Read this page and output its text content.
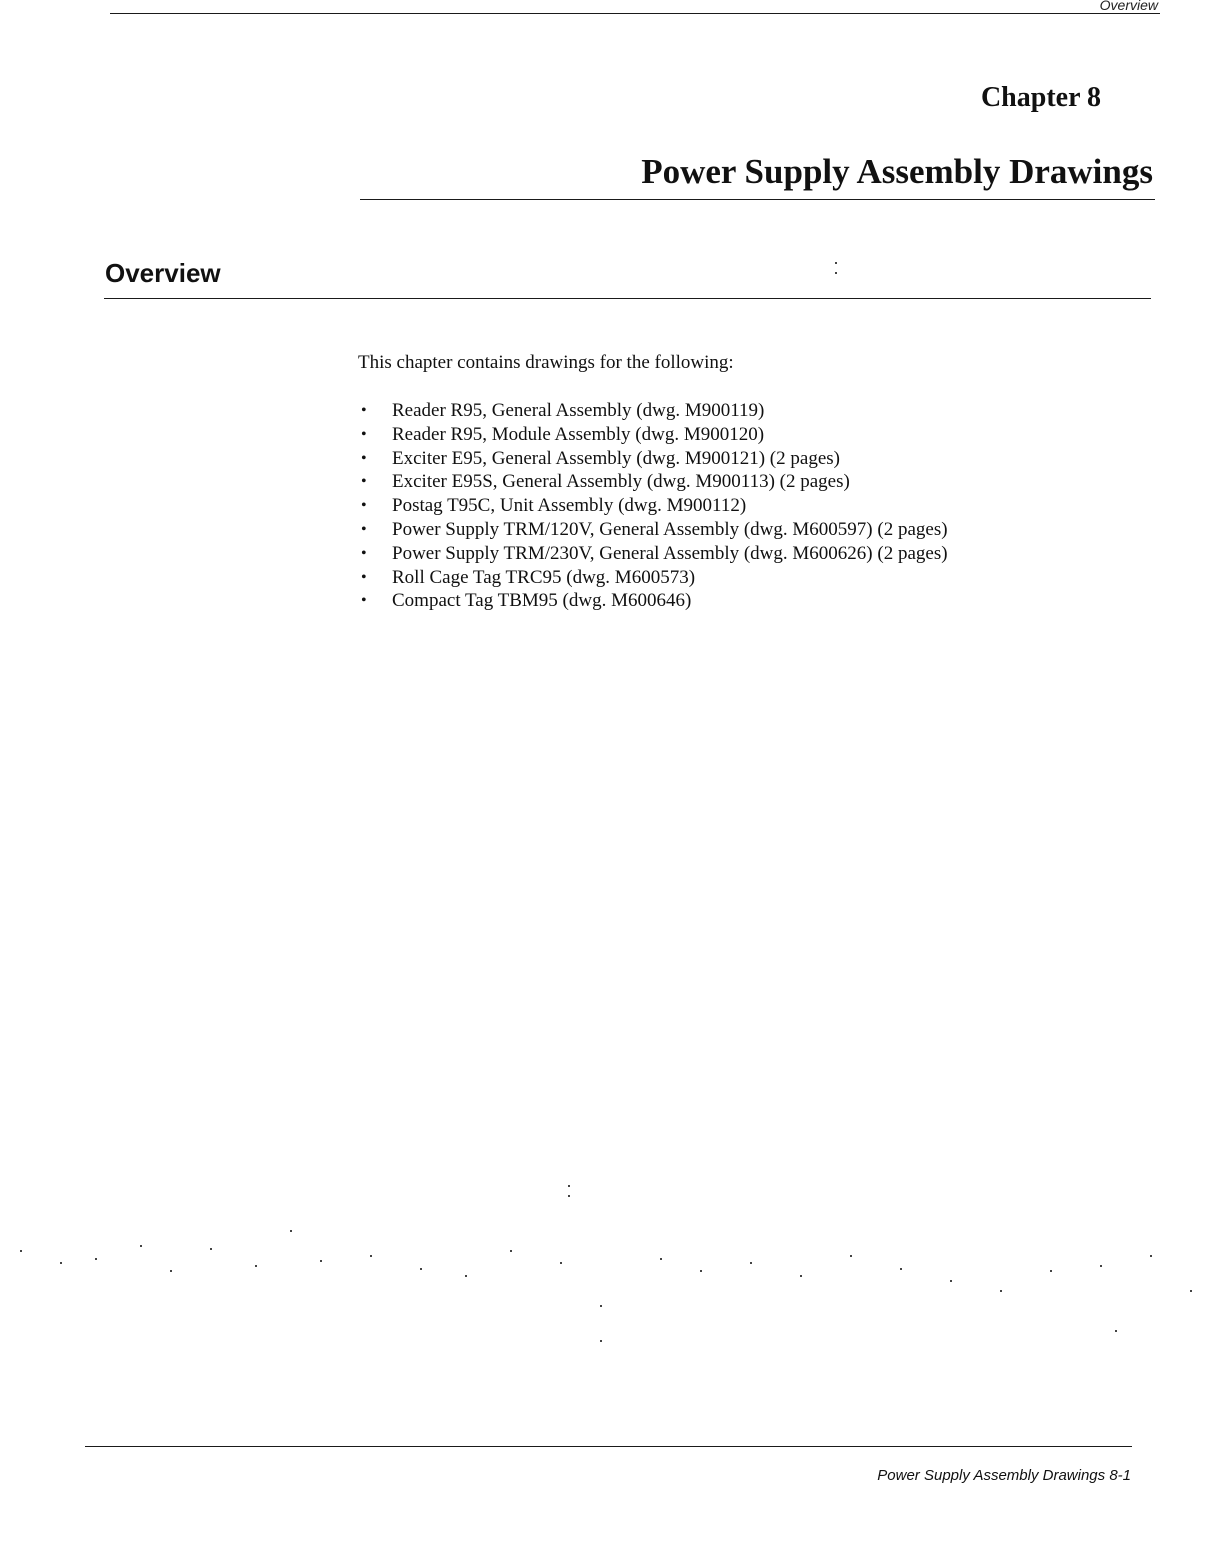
Overview
Chapter 8
Power Supply Assembly Drawings
Overview

This chapter contains drawings for the following:

• Reader R95, General Assembly (dwg. M900119)
• Reader R95, Module Assembly (dwg. M900120)
• Exciter E95, General Assembly (dwg. M900121) (2 pages)
• Exciter E95S, General Assembly (dwg. M900113) (2 pages)
• Postag T95C, Unit Assembly (dwg. M900112)
• Power Supply TRM/120V, General Assembly (dwg. M600597) (2 pages)
• Power Supply TRM/230V, General Assembly (dwg. M600626) (2 pages)
• Roll Cage Tag TRC95 (dwg. M600573)
• Compact Tag TBM95 (dwg. M600646)
Power Supply Assembly Drawings 8-1
